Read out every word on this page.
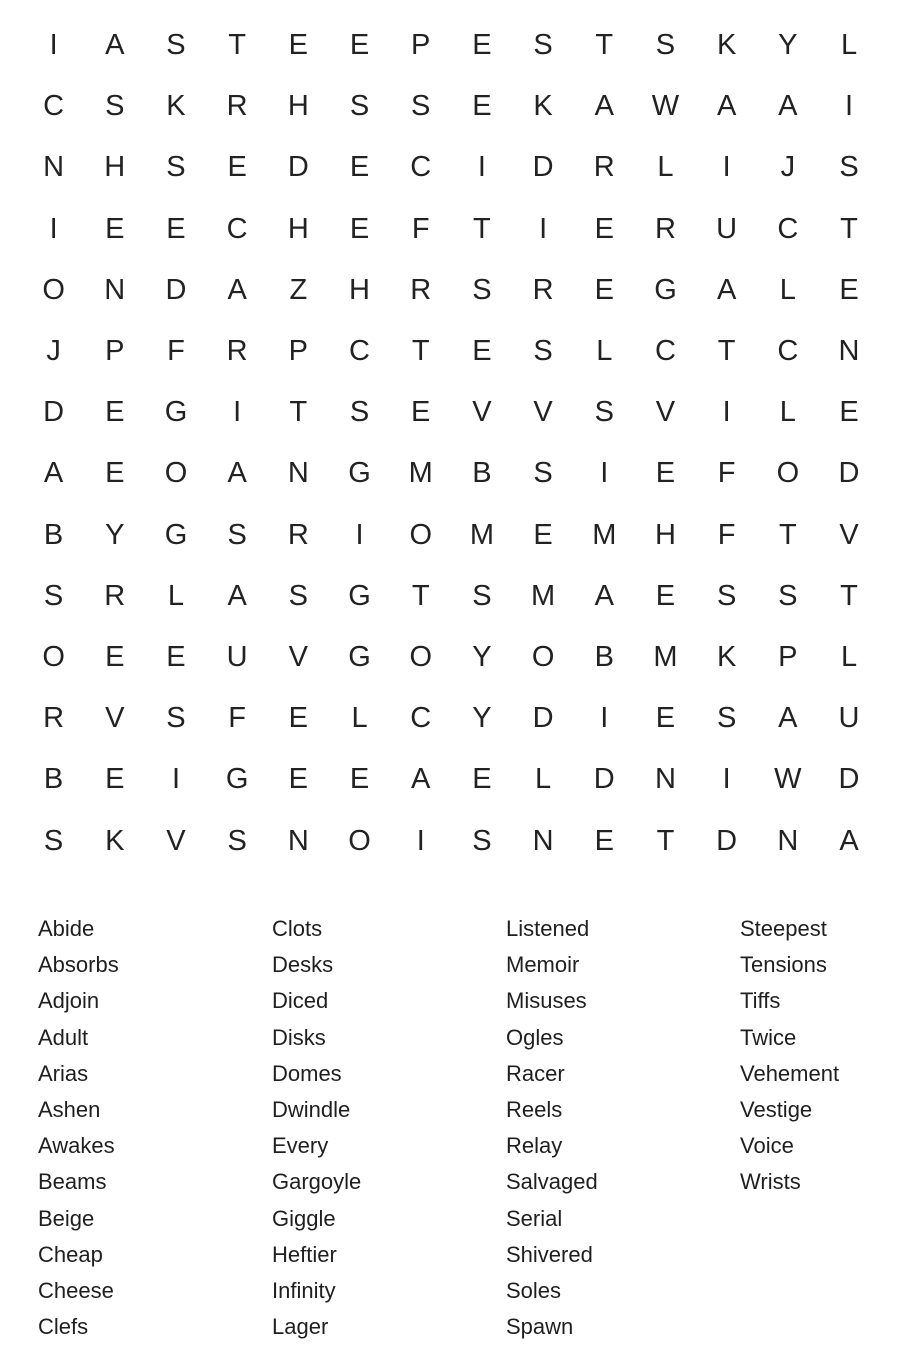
I	A	S	T	E	E	P	E	S	T	S	K	Y	L
C	S	K	R	H	S	S	E	K	A	W	A	A	I
N	H	S	E	D	E	C	I	D	R	L	I	J	S
I	E	E	C	H	E	F	T	I	E	R	U	C	T
O	N	D	A	Z	H	R	S	R	E	G	A	L	E
J	P	F	R	P	C	T	E	S	L	C	T	C	N
D	E	G	I	T	S	E	V	V	S	V	I	L	E
A	E	O	A	N	G	M	B	S	I	E	F	O	D
B	Y	G	S	R	I	O	M	E	M	H	F	T	V
S	R	L	A	S	G	T	S	M	A	E	S	S	T
O	E	E	U	V	G	O	Y	O	B	M	K	P	L
R	V	S	F	E	L	C	Y	D	I	E	S	A	U
B	E	I	G	E	E	A	E	L	D	N	I	W	D
S	K	V	S	N	O	I	S	N	E	T	D	N	A
Abide
Absorbs
Adjoin
Adult
Arias
Ashen
Awakes
Beams
Beige
Cheap
Cheese
Clefs
Clots
Desks
Diced
Disks
Domes
Dwindle
Every
Gargoyle
Giggle
Heftier
Infinity
Lager
Listened
Memoir
Misuses
Ogles
Racer
Reels
Relay
Salvaged
Serial
Shivered
Soles
Spawn
Steepest
Tensions
Tiffs
Twice
Vehement
Vestige
Voice
Wrists
